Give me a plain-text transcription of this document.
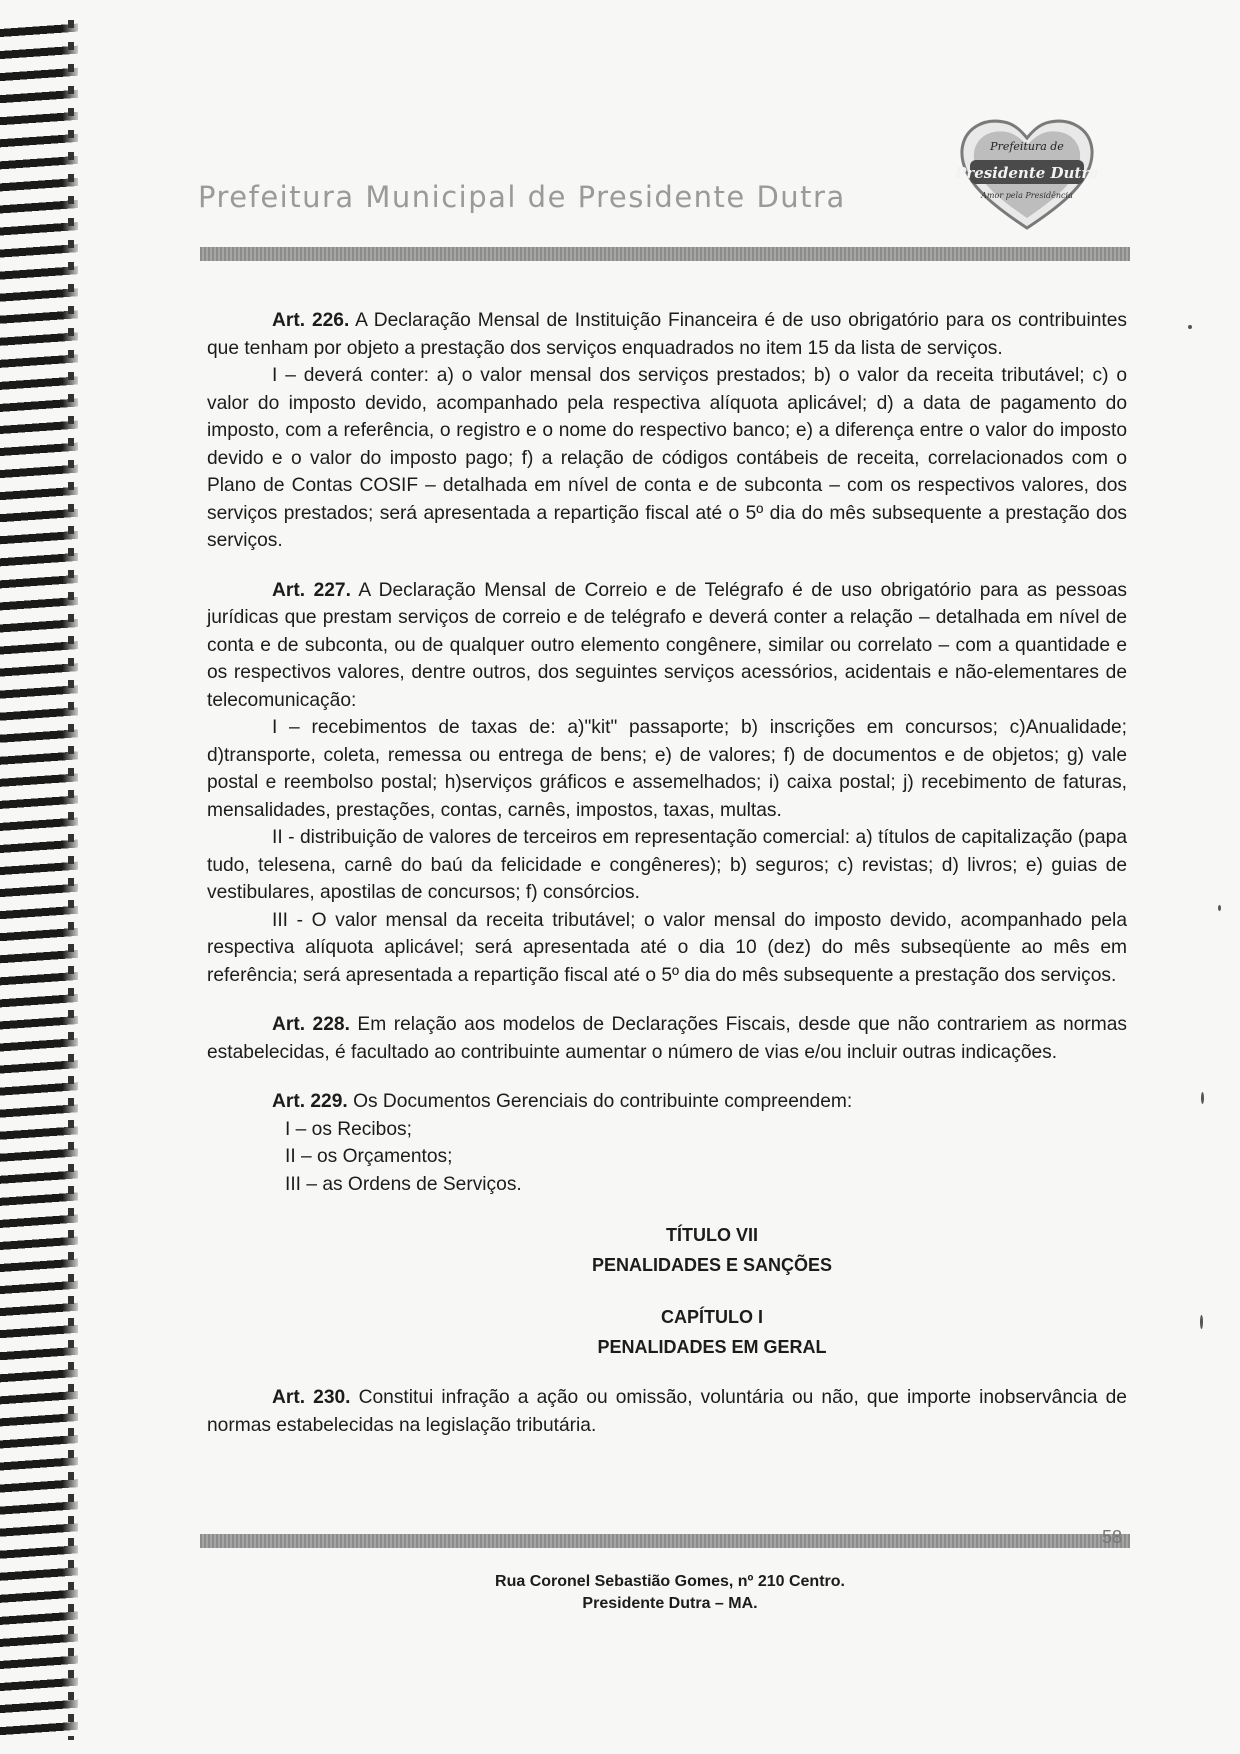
Prefeitura Municipal de Presidente Dutra
Prefeitura de
Presidente Dutra
Amor pela Presidência

Art. 226. A Declaração Mensal de Instituição Financeira é de uso obrigatório para os contribuintes que tenham por objeto a prestação dos serviços enquadrados no item 15 da lista de serviços.

I – deverá conter: a) o valor mensal dos serviços prestados; b) o valor da receita tributável; c) o valor do imposto devido, acompanhado pela respectiva alíquota aplicável; d) a data de pagamento do imposto, com a referência, o registro e o nome do respectivo banco; e) a diferença entre o valor do imposto devido e o valor do imposto pago; f) a relação de códigos contábeis de receita, correlacionados com o Plano de Contas COSIF – detalhada em nível de conta e de subconta – com os respectivos valores, dos serviços prestados; será apresentada a repartição fiscal até o 5º dia do mês subsequente a prestação dos serviços.

Art. 227. A Declaração Mensal de Correio e de Telégrafo é de uso obrigatório para as pessoas jurídicas que prestam serviços de correio e de telégrafo e deverá conter a relação – detalhada em nível de conta e de subconta, ou de qualquer outro elemento congênere, similar ou correlato – com a quantidade e os respectivos valores, dentre outros, dos seguintes serviços acessórios, acidentais e não-elementares de telecomunicação:

I – recebimentos de taxas de: a)"kit" passaporte; b) inscrições em concursos; c)Anualidade; d)transporte, coleta, remessa ou entrega de bens; e) de valores; f) de documentos e de objetos; g) vale postal e reembolso postal; h)serviços gráficos e assemelhados; i) caixa postal; j) recebimento de faturas, mensalidades, prestações, contas, carnês, impostos, taxas, multas.

II - distribuição de valores de terceiros em representação comercial: a) títulos de capitalização (papa tudo, telesena, carnê do baú da felicidade e congêneres); b) seguros; c) revistas; d) livros; e) guias de vestibulares, apostilas de concursos; f) consórcios.

III - O valor mensal da receita tributável; o valor mensal do imposto devido, acompanhado pela respectiva alíquota aplicável; será apresentada até o dia 10 (dez) do mês subseqüente ao mês em referência; será apresentada a repartição fiscal até o 5º dia do mês subsequente a prestação dos serviços.

Art. 228. Em relação aos modelos de Declarações Fiscais, desde que não contrariem as normas estabelecidas, é facultado ao contribuinte aumentar o número de vias e/ou incluir outras indicações.

Art. 229. Os Documentos Gerenciais do contribuinte compreendem:

I – os Recibos;

II – os Orçamentos;

III – as Ordens de Serviços.

TÍTULO VII

PENALIDADES E SANÇÕES

CAPÍTULO I

PENALIDADES EM GERAL

Art. 230. Constitui infração a ação ou omissão, voluntária ou não, que importe inobservância de normas estabelecidas na legislação tributária.

58
Rua Coronel Sebastião Gomes, nº 210 Centro.
Presidente Dutra – MA.
